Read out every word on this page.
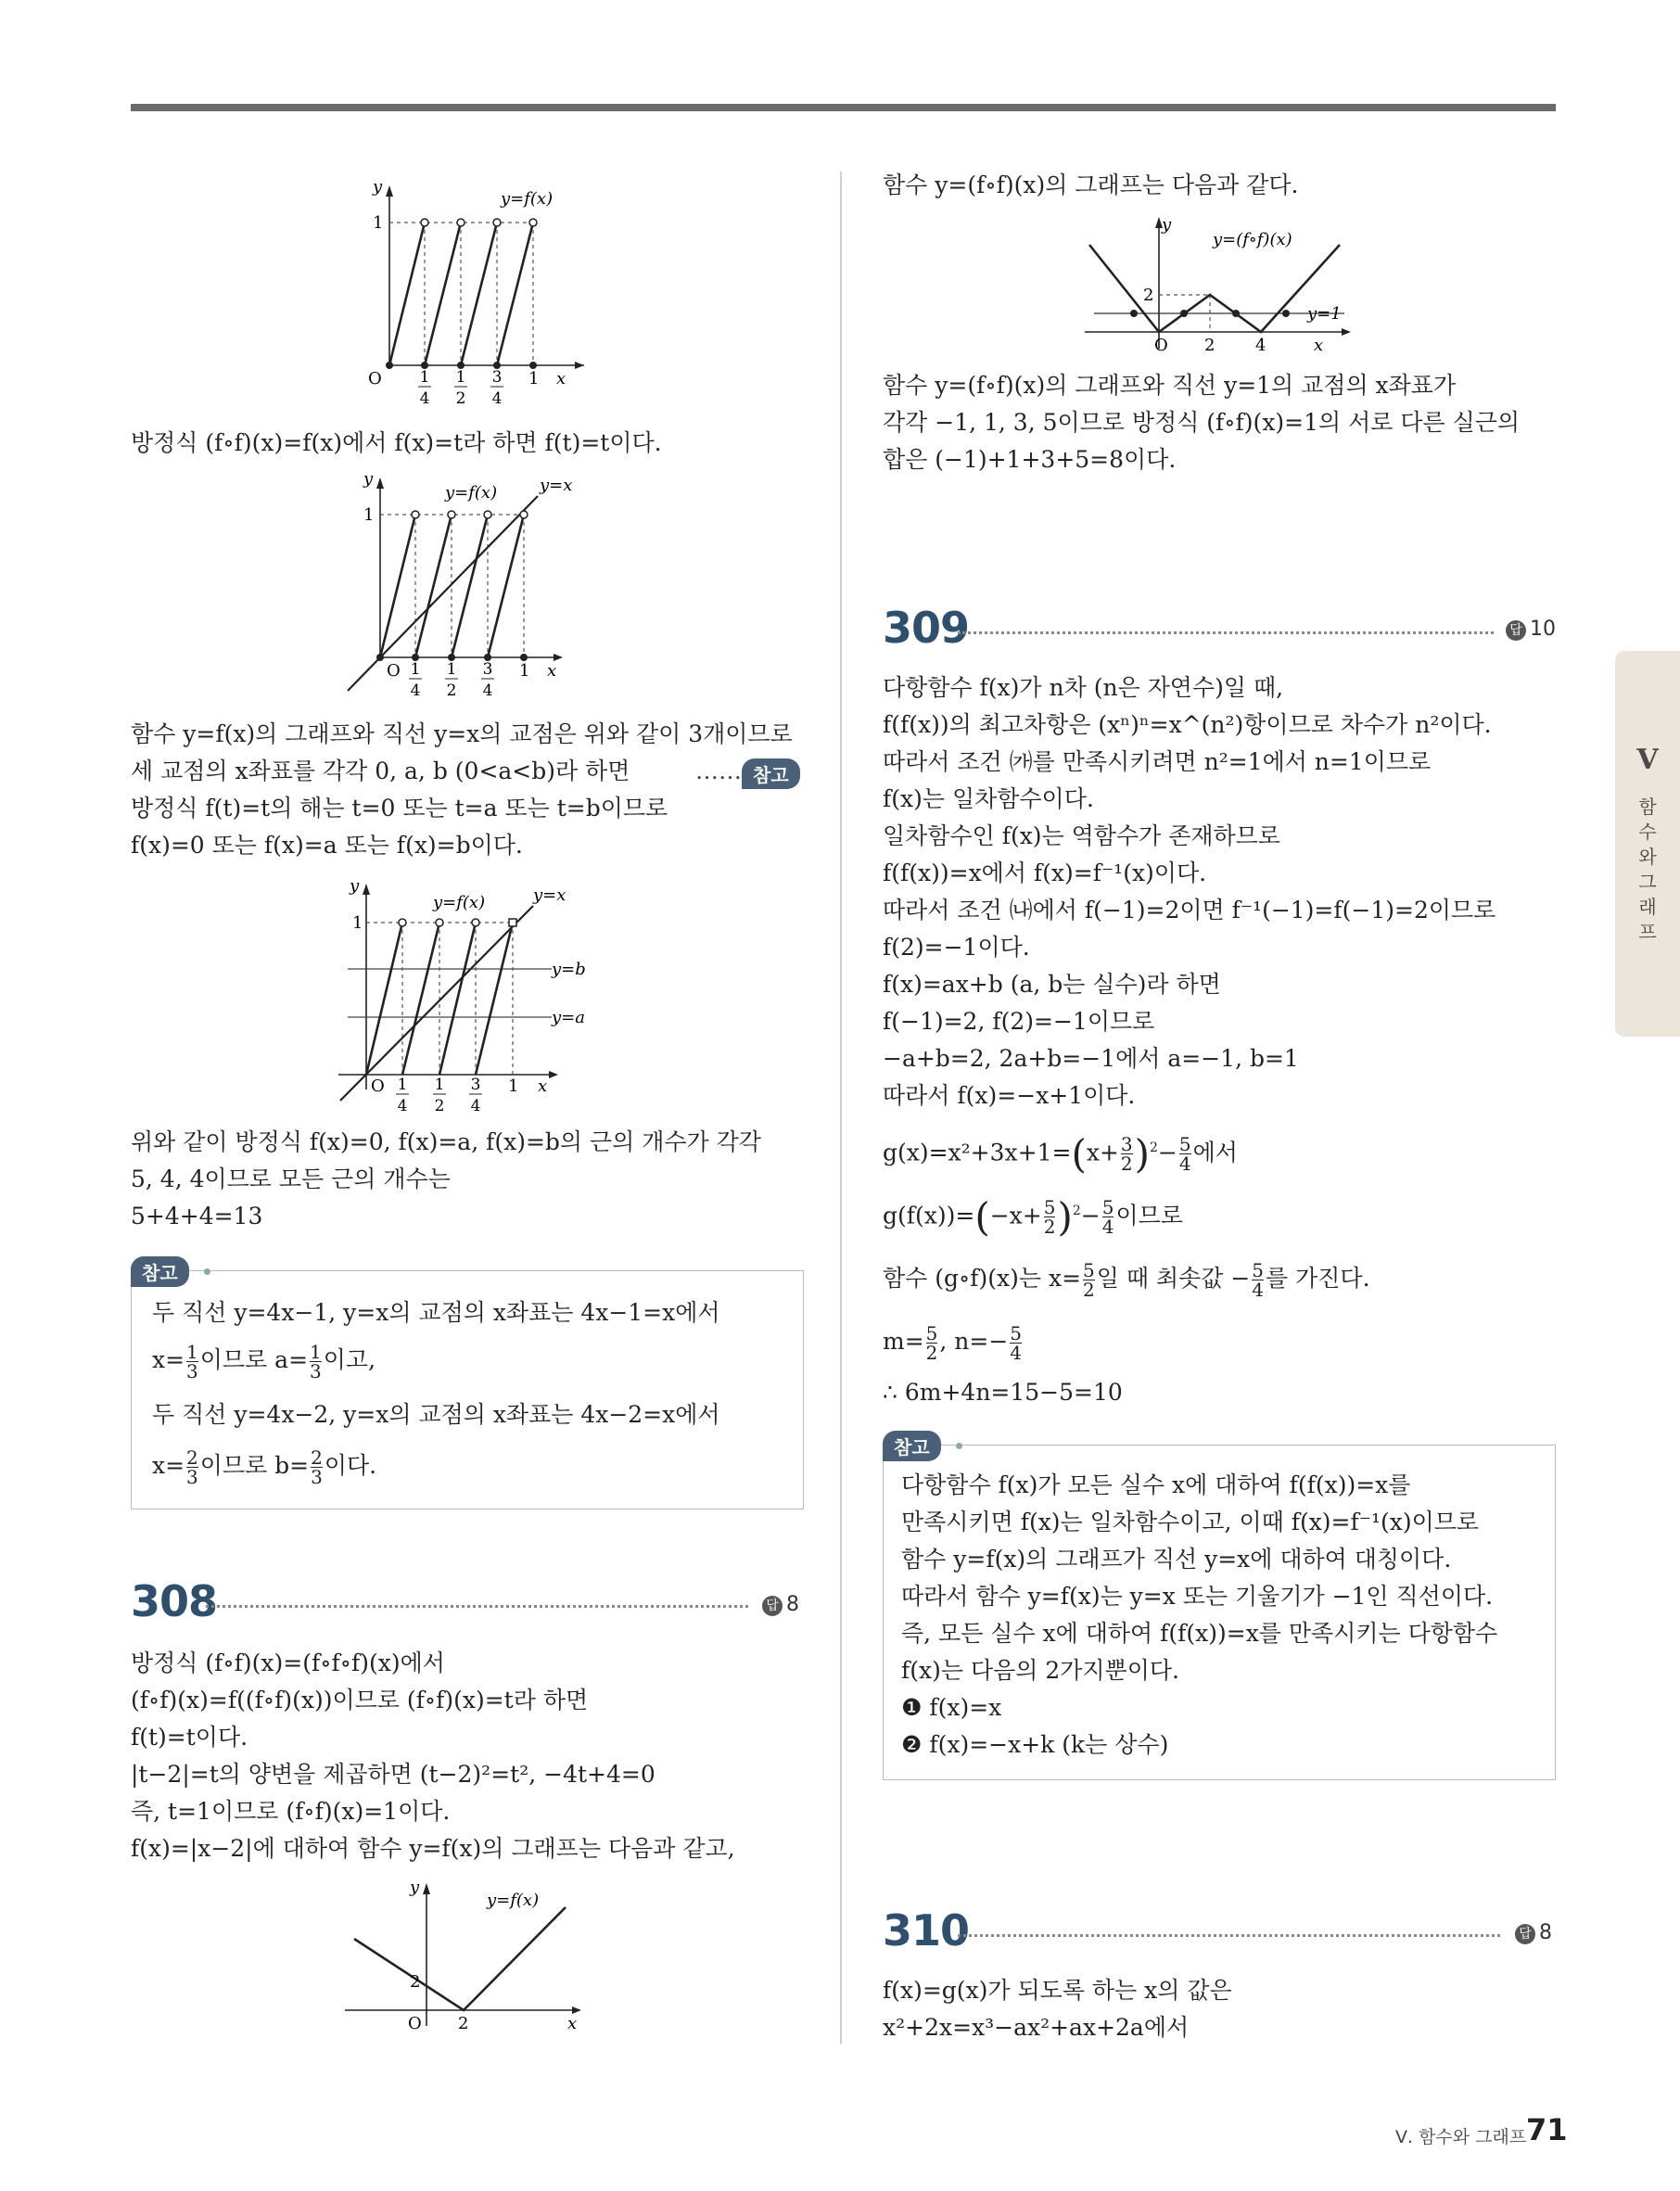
y
y=f(x)
1
O	x
1
1
4
1
2
3
4
방정식 (f∘f)(x)=f(x)에서 f(x)=t라 하면 f(t)=t이다.
y
y=f(x)	y=x
1
O	x
1
1
4
1
2
3
4
함수 y=f(x)의 그래프와 직선 y=x의 교점은 위와 같이 3개이므로
세 교점의 x좌표를 각각 0, a, b (0<a<b)라 하면	…… 참고
방정식 f(t)=t의 해는 t=0 또는 t=a 또는 t=b이므로
f(x)=0 또는 f(x)=a 또는 f(x)=b이다.
y
y=f(x)	y=x
y=b
y=a
1
O	x
1
1
4
1
2
3
4
위와 같이 방정식 f(x)=0, f(x)=a, f(x)=b의 근의 개수가 각각
5, 4, 4이므로 모든 근의 개수는
5+4+4=13
참고
두 직선 y=4x−1, y=x의 교점의 x좌표는 4x−1=x에서
$x= \frac{1}{3}$ 이므로 $a= \frac{1}{3}$ 이고,
두 직선 y=4x−2, y=x의 교점의 x좌표는 4x−2=x에서
$x= \frac{2}{3}$ 이므로 $b= \frac{2}{3}$ 이다.
308	답 8
방정식 (f∘f)(x)=(f∘f∘f)(x)에서
(f∘f)(x)=f((f∘f)(x))이므로 (f∘f)(x)=t라 하면
f(t)=t이다.
|t−2|=t의 양변을 제곱하면 (t−2)²=t², −4t+4=0
즉, t=1이므로 (f∘f)(x)=1이다.
f(x)=|x−2|에 대하여 함수 y=f(x)의 그래프는 다음과 같고,
y
y=f(x)
2
O 2	x
함수 y=(f∘f)(x)의 그래프는 다음과 같다.
y
y=(f∘f)(x)
y=1
2
O 2 4	x
함수 y=(f∘f)(x)의 그래프와 직선 y=1의 교점의 x좌표가
각각 −1, 1, 3, 5이므로 방정식 (f∘f)(x)=1의 서로 다른 실근의
합은 (−1)+1+3+5=8이다.
309	답 10
다항함수 f(x)가 n차 (n은 자연수)일 때,
f(f(x))의 최고차항은 (xⁿ)ⁿ=x^(n²)항이므로 차수가 n²이다.
따라서 조건 ㈎를 만족시키려면 n²=1에서 n=1이므로
f(x)는 일차함수이다.
일차함수인 f(x)는 역함수가 존재하므로
f(f(x))=x에서 f(x)=f⁻¹(x)이다.
따라서 조건 ㈏에서 f(−1)=2이면 f⁻¹(−1)=f(−1)=2이므로
f(2)=−1이다.
f(x)=ax+b (a, b는 실수)라 하면
f(−1)=2, f(2)=−1이므로
−a+b=2, 2a+b=−1에서 a=−1, b=1
따라서 f(x)=−x+1이다.
$g(x)=x^2+3x+1=(x+ \frac{3}{2} )^2- \frac{5}{4}$ 에서
$g(f(x))=(-x+ \frac{5}{2} )^2- \frac{5}{4}$ 이므로
함수 (g∘f)(x)는 $x= \frac{5}{2}$ 일 때 최솟값 − $\frac{5}{4}$ 를 가진다.
$m= \frac{5}{2}$ , $n=- \frac{5}{4}$
∴ 6m+4n=15−5=10
참고
다항함수 f(x)가 모든 실수 x에 대하여 f(f(x))=x를
만족시키면 f(x)는 일차함수이고, 이때 f(x)=f⁻¹(x)이므로
함수 y=f(x)의 그래프가 직선 y=x에 대하여 대칭이다.
따라서 함수 y=f(x)는 y=x 또는 기울기가 −1인 직선이다.
즉, 모든 실수 x에 대하여 f(f(x))=x를 만족시키는 다항함수
f(x)는 다음의 2가지뿐이다.
❶ f(x)=x
❷ f(x)=−x+k (k는 상수)
310	답 8
f(x)=g(x)가 되도록 하는 x의 값은
x²+2x=x³−ax²+ax+2a에서
V
함
수
와
그
래
프
Ⅴ. 함수와 그래프 71
